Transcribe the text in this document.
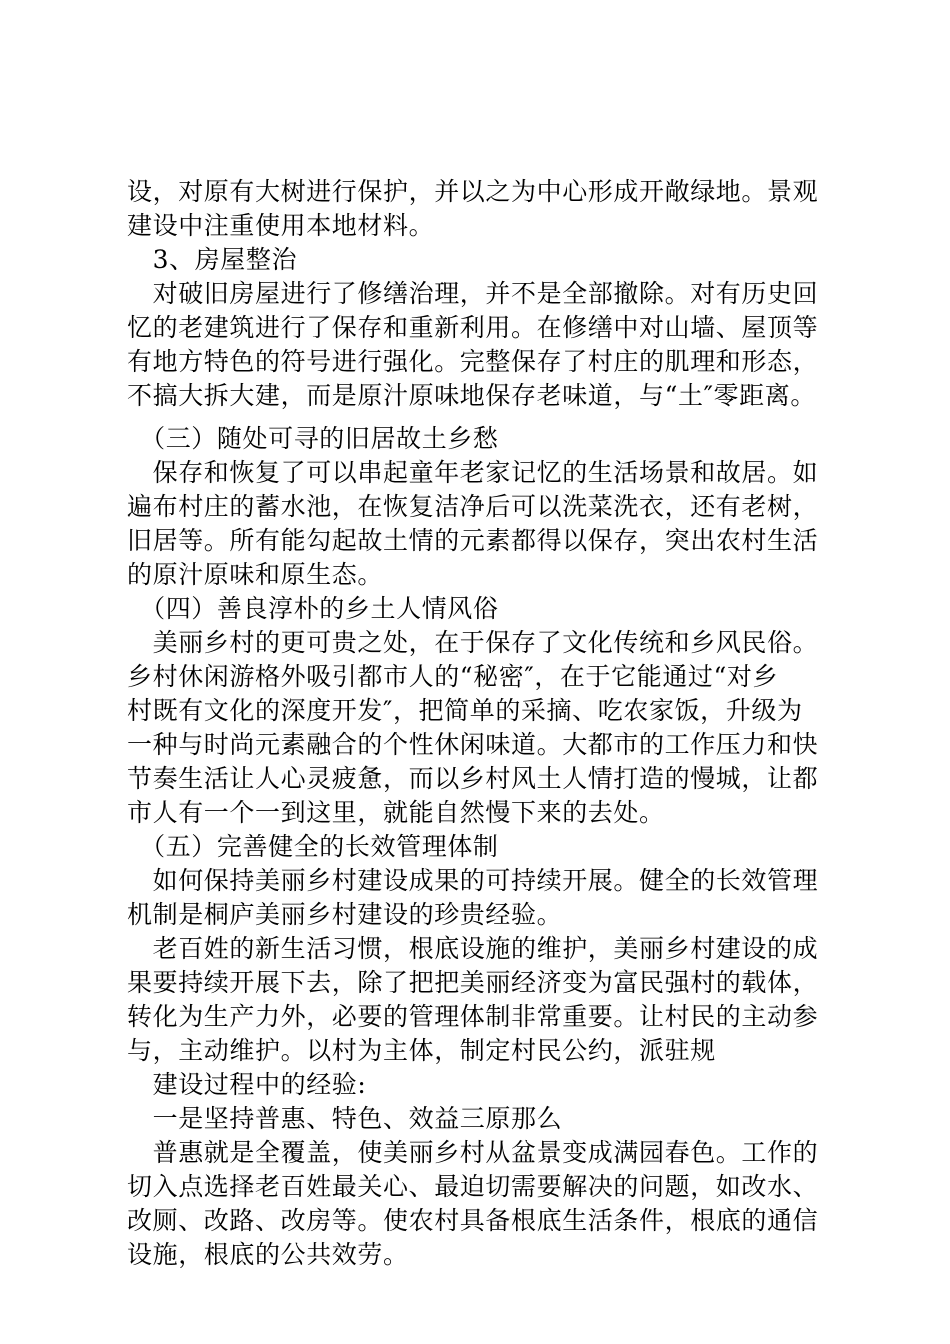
设，对原有大树进行保护，并以之为中心形成开敞绿地。景观
建设中注重使用本地材料。
　3、房屋整治
　对破旧房屋进行了修缮治理，并不是全部撤除。对有历史回
忆的老建筑进行了保存和重新利用。在修缮中对山墙、屋顶等
有地方特色的符号进行强化。完整保存了村庄的肌理和形态，
不搞大拆大建，而是原汁原味地保存老味道，与“土″零距离。
　（三）随处可寻的旧居故土乡愁
　保存和恢复了可以串起童年老家记忆的生活场景和故居。如
遍布村庄的蓄水池，在恢复洁净后可以洗菜洗衣，还有老树，
旧居等。所有能勾起故土情的元素都得以保存，突出农村生活
的原汁原味和原生态。
　（四）善良淳朴的乡土人情风俗
　美丽乡村的更可贵之处，在于保存了文化传统和乡风民俗。
乡村休闲游格外吸引都市人的“秘密″，在于它能通过“对乡
村既有文化的深度开发″，把简单的采摘、吃农家饭，升级为
一种与时尚元素融合的个性休闲味道。大都市的工作压力和快
节奏生活让人心灵疲惫，而以乡村风土人情打造的慢城，让都
市人有一个一到这里，就能自然慢下来的去处。
　（五）完善健全的长效管理体制
　如何保持美丽乡村建设成果的可持续开展。健全的长效管理
机制是桐庐美丽乡村建设的珍贵经验。
　老百姓的新生活习惯，根底设施的维护，美丽乡村建设的成
果要持续开展下去，除了把把美丽经济变为富民强村的载体，
转化为生产力外，必要的管理体制非常重要。让村民的主动参
与，主动维护。以村为主体，制定村民公约，派驻规
　建设过程中的经验:
　一是坚持普惠、特色、效益三原那么
　普惠就是全覆盖，使美丽乡村从盆景变成满园春色。工作的
切入点选择老百姓最关心、最迫切需要解决的问题，如改水、
改厕、改路、改房等。使农村具备根底生活条件，根底的通信
设施，根底的公共效劳。
